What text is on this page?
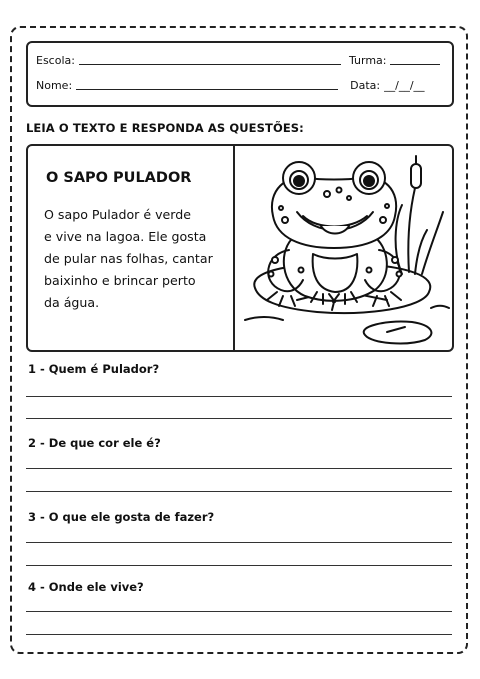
Escola:	Turma:
Nome:	Data: __/__/__
LEIA O TEXTO E RESPONDA AS QUESTÕES:
O SAPO PULADOR
O sapo Pulador é verde
e vive na lagoa. Ele gosta
de pular nas folhas, cantar
baixinho e brincar perto
da água.
1 - Quem é Pulador?
2 - De que cor ele é?
3 - O que ele gosta de fazer?
4 - Onde ele vive?
